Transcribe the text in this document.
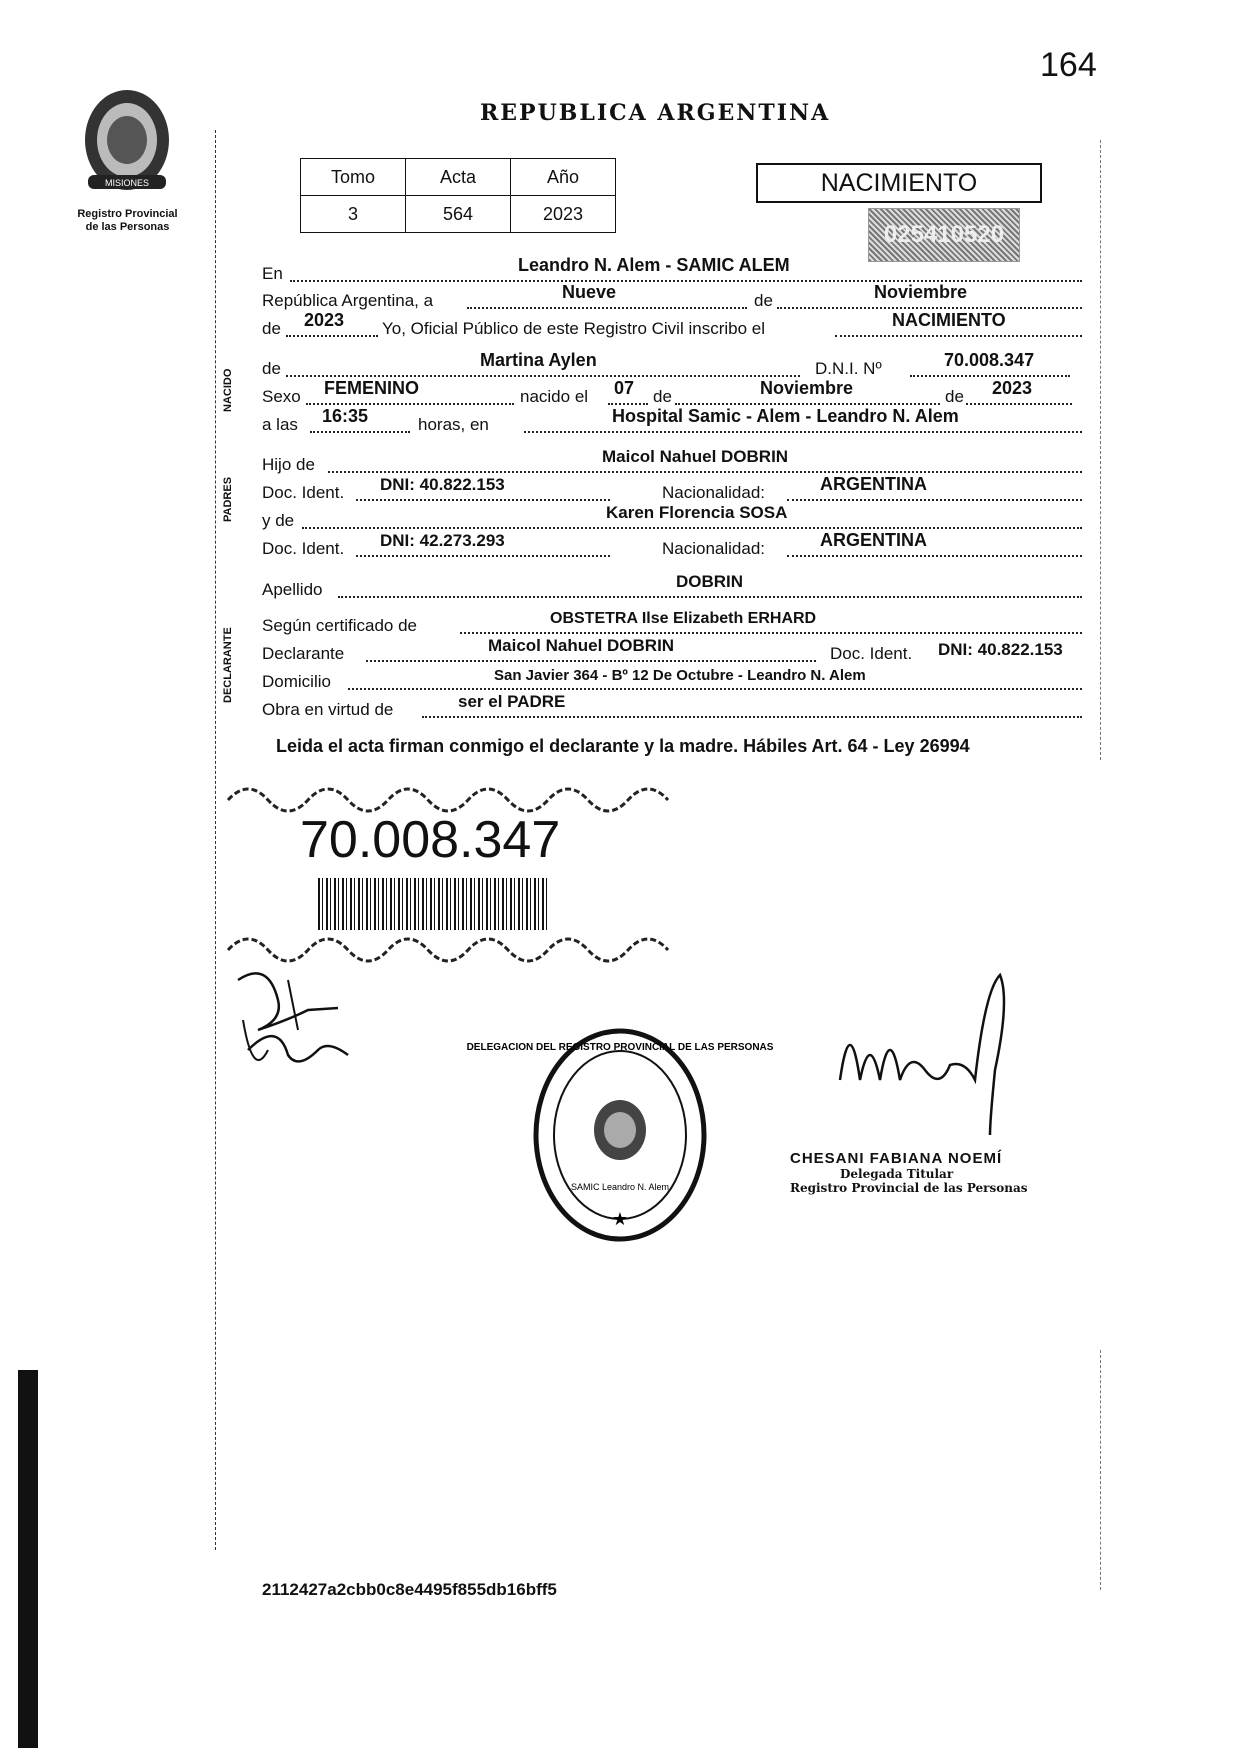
164
REPUBLICA ARGENTINA
MISIONES
Registro Provincial
de las Personas
Tomo	Acta	Año
3	564	2023
NACIMIENTO
025410520
NACIDO
PADRES
DECLARANTE
En	Leandro N. Alem - SAMIC ALEM
República Argentina, a	Nueve	de	Noviembre
de 2023 Yo, Oficial Público de este Registro Civil inscribo el	NACIMIENTO
de	Martina Aylen	D.N.I. Nº	70.008.347
Sexo FEMENINO	nacido el 07 de	Noviembre	de 2023
a las 16:35	horas, en	Hospital Samic - Alem - Leandro N. Alem
Hijo de	Maicol Nahuel DOBRIN
Doc. Ident. DNI: 40.822.153	Nacionalidad:	ARGENTINA
y de	Karen Florencia SOSA
Doc. Ident. DNI: 42.273.293	Nacionalidad:	ARGENTINA
Apellido	DOBRIN
Según certificado de	OBSTETRA Ilse Elizabeth ERHARD
Declarante	Maicol Nahuel DOBRIN	Doc. Ident. DNI: 40.822.153
Domicilio	San Javier 364 - Bº 12 De Octubre - Leandro N. Alem
Obra en virtud de	ser el PADRE
Leida el acta firman conmigo el declarante y la madre. Hábiles Art. 64 - Ley 26994
70.008.347
★
DELEGACION DEL REGISTRO PROVINCIAL DE LAS PERSONAS
SAMIC Leandro N. Alem
CHESANI FABIANA NOEMÍ
Delegada Titular
Registro Provincial de las Personas
2112427a2cbb0c8e4495f855db16bff5
